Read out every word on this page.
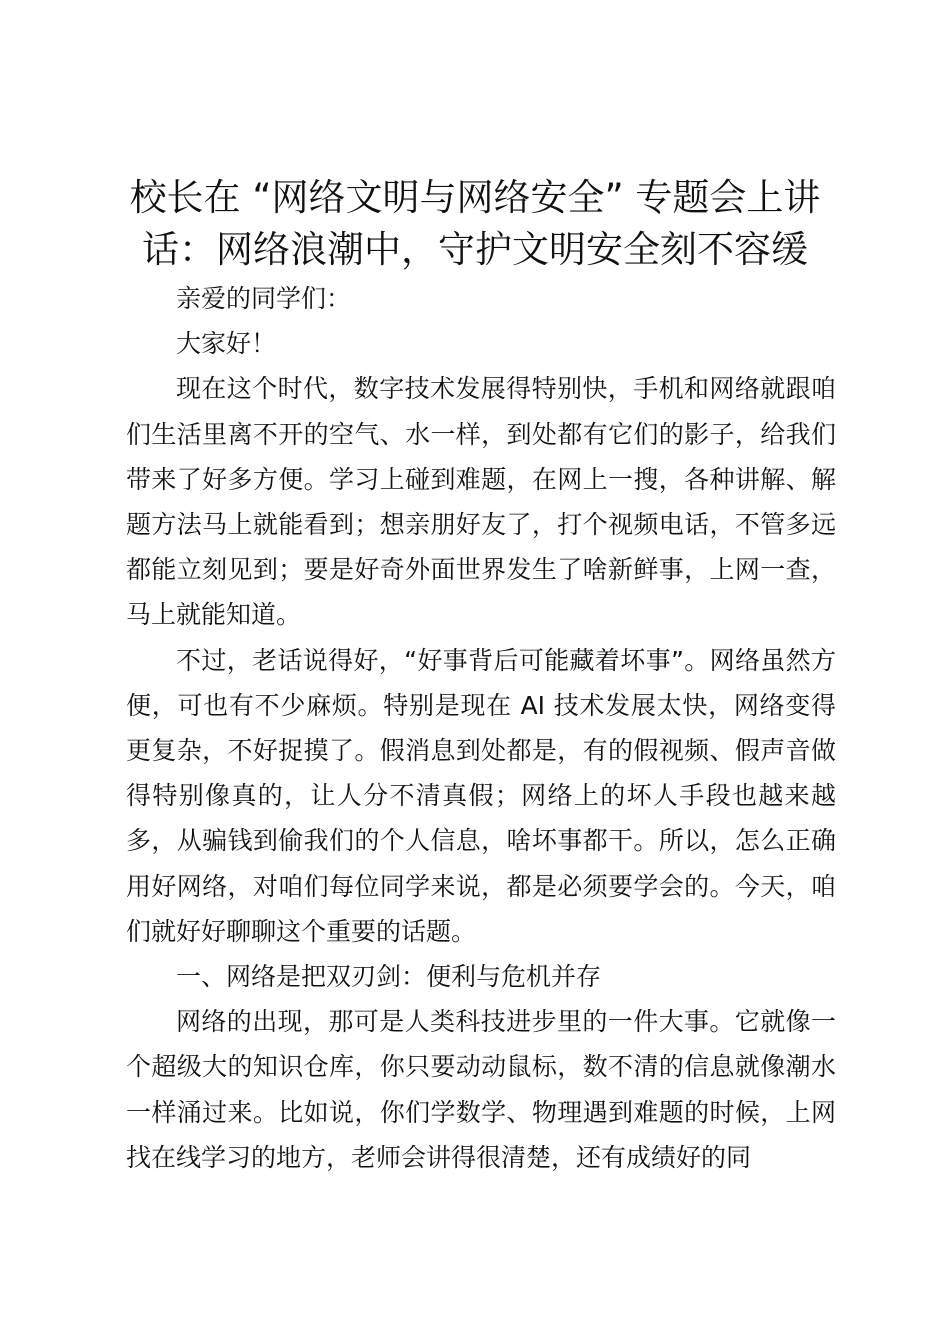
校长在 “网络文明与网络安全” 专题会上讲
话：网络浪潮中，守护文明安全刻不容缓

亲爱的同学们：

大家好！

现在这个时代，数字技术发展得特别快，手机和网络就跟咱们生活里离不开的空气、水一样，到处都有它们的影子，给我们带来了好多方便。学习上碰到难题，在网上一搜，各种讲解、解题方法马上就能看到；想亲朋好友了，打个视频电话，不管多远都能立刻见到；要是好奇外面世界发生了啥新鲜事，上网一查，马上就能知道。

不过，老话说得好，“好事背后可能藏着坏事”。网络虽然方便，可也有不少麻烦。特别是现在 AI 技术发展太快，网络变得更复杂，不好捉摸了。假消息到处都是，有的假视频、假声音做得特别像真的，让人分不清真假；网络上的坏人手段也越来越多，从骗钱到偷我们的个人信息，啥坏事都干。所以，怎么正确用好网络，对咱们每位同学来说，都是必须要学会的。今天，咱们就好好聊聊这个重要的话题。

一、网络是把双刃剑：便利与危机并存

网络的出现，那可是人类科技进步里的一件大事。它就像一个超级大的知识仓库，你只要动动鼠标，数不清的信息就像潮水一样涌过来。比如说，你们学数学、物理遇到难题的时候，上网找在线学习的地方，老师会讲得很清楚，还有成绩好的同
